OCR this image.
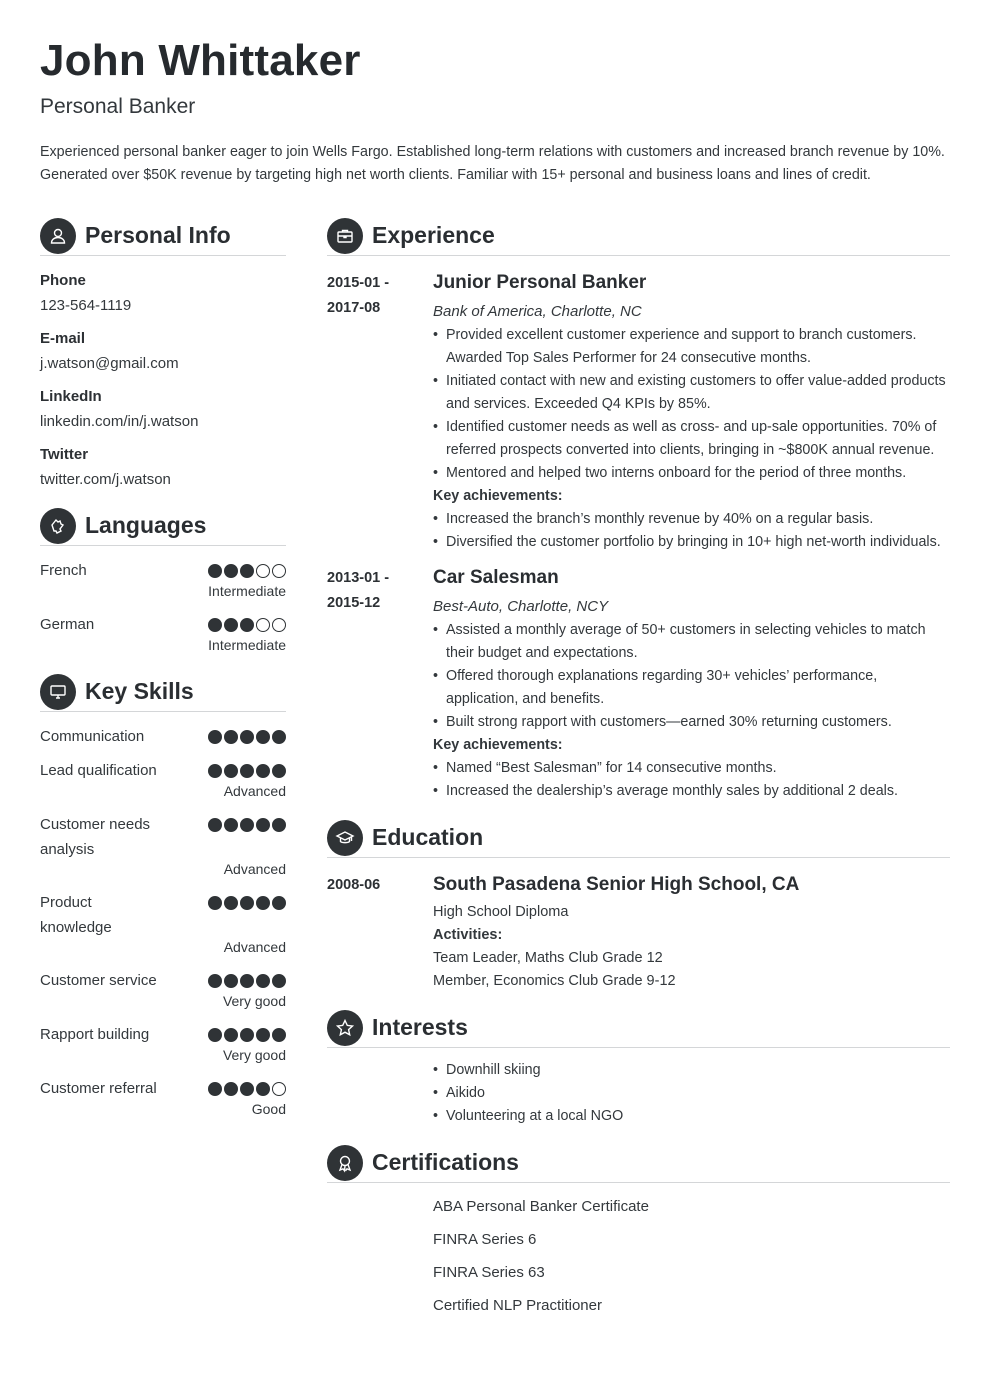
John Whittaker
Personal Banker
Experienced personal banker eager to join Wells Fargo. Established long-term relations with customers and increased branch revenue by 10%. Generated over $50K revenue by targeting high net worth clients. Familiar with 15+ personal and business loans and lines of credit.
Personal Info
Phone
123-564-1119
E-mail
j.watson@gmail.com
LinkedIn
linkedin.com/in/j.watson
Twitter
twitter.com/j.watson
Languages
French
Intermediate
German
Intermediate
Key Skills
Communication
Lead qualification
Advanced
Customer needs analysis
Advanced
Product knowledge
Advanced
Customer service
Very good
Rapport building
Very good
Customer referral
Good
Experience
2015-01 -
2017-08
Junior Personal Banker
Bank of America, Charlotte, NC
• Provided excellent customer experience and support to branch customers. Awarded Top Sales Performer for 24 consecutive months.
• Initiated contact with new and existing customers to offer value-added products and services. Exceeded Q4 KPIs by 85%.
• Identified customer needs as well as cross- and up-sale opportunities. 70% of referred prospects converted into clients, bringing in ~$800K annual revenue.
• Mentored and helped two interns onboard for the period of three months.
Key achievements:
• Increased the branch’s monthly revenue by 40% on a regular basis.
• Diversified the customer portfolio by bringing in 10+ high net-worth individuals.
2013-01 -
2015-12
Car Salesman
Best-Auto, Charlotte, NCY
• Assisted a monthly average of 50+ customers in selecting vehicles to match their budget and expectations.
• Offered thorough explanations regarding 30+ vehicles’ performance, application, and benefits.
• Built strong rapport with customers—earned 30% returning customers.
Key achievements:
• Named “Best Salesman” for 14 consecutive months.
• Increased the dealership’s average monthly sales by additional 2 deals.
Education
2008-06	South Pasadena Senior High School, CA
High School Diploma
Activities:
Team Leader, Maths Club Grade 12
Member, Economics Club Grade 9-12
Interests
• Downhill skiing
• Aikido
• Volunteering at a local NGO
Certifications
ABA Personal Banker Certificate
FINRA Series 6
FINRA Series 63
Certified NLP Practitioner
